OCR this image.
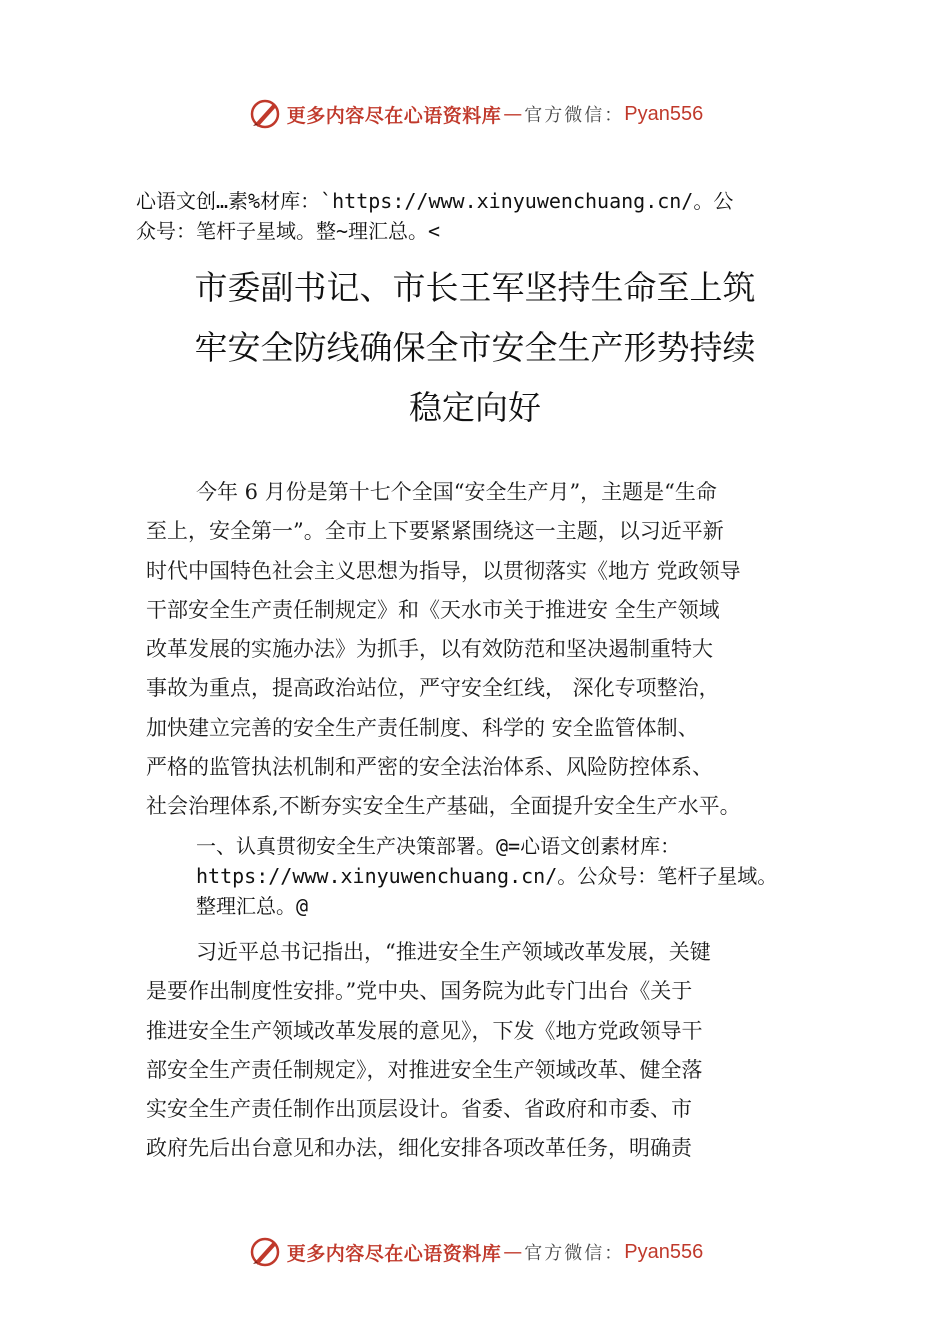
更多内容尽在心语资料库 — 官方微信： Pyan556
心语文创…素%材库：`https://www.xinyuwenchuang.cn/。公
众号：笔杆子星域。整~理汇总。<
市委副书记、市长王军坚持生命至上筑
牢安全防线确保全市安全生产形势持续
稳定向好
今年 6 月份是第十七个全国“安全生产月”，主题是“生命
至上，安全第一”。全市上下要紧紧围绕这一主题，以习近平新
时代中国特色社会主义思想为指导，以贯彻落实《地方 党政领导
干部安全生产责任制规定》和《天水市关于推进安 全生产领域
改革发展的实施办法》为抓手，以有效防范和坚决遏制重特大
事故为重点，提高政治站位，严守安全红线， 深化专项整治，
加快建立完善的安全生产责任制度、科学的 安全监管体制、
严格的监管执法机制和严密的安全法治体系、风险防控体系、
社会治理体系,不断夯实安全生产基础，全面提升安全生产水平。
一、认真贯彻安全生产决策部署。@=心语文创素材库：
https://www.xinyuwenchuang.cn/。公众号：笔杆子星域。
整理汇总。@
习近平总书记指出，“推进安全生产领域改革发展，关键
是要作出制度性安排。”党中央、国务院为此专门出台《关于
推进安全生产领域改革发展的意见》，下发《地方党政领导干
部安全生产责任制规定》，对推进安全生产领域改革、健全落
实安全生产责任制作出顶层设计。省委、省政府和市委、市
政府先后出台意见和办法，细化安排各项改革任务，明确责
更多内容尽在心语资料库 — 官方微信： Pyan556
